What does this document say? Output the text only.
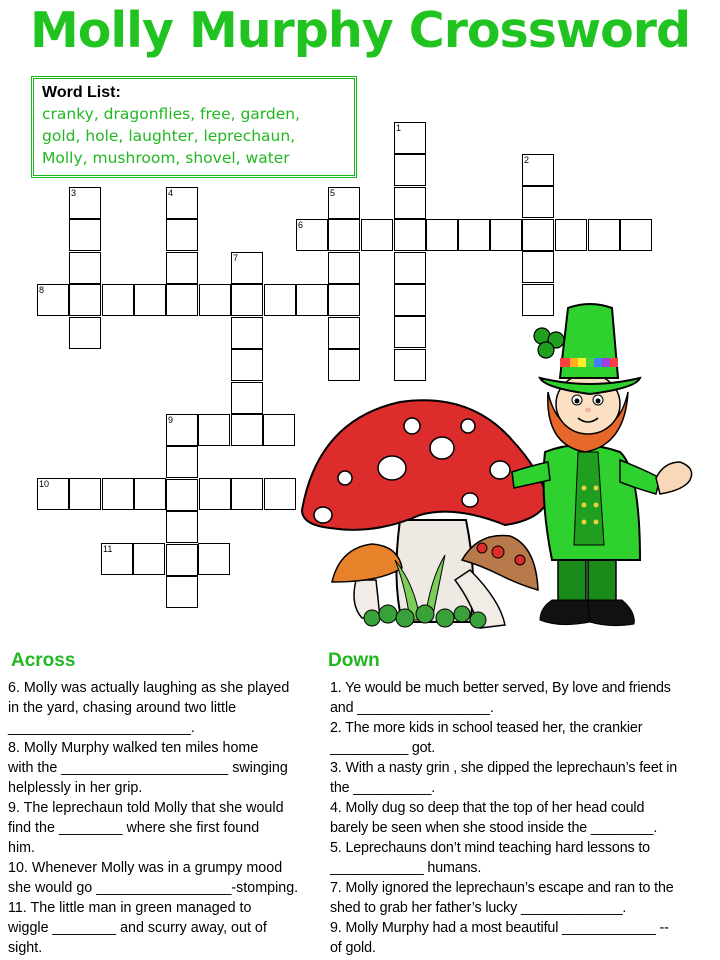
Molly Murphy Crossword
Word List:
cranky, dragonflies, free, garden,
gold, hole, laughter, leprechaun,
Molly, mushroom, shovel, water
1
2
3	4	5
6
7
8
9
10
11
Across

6. Molly was actually laughing as she played

in the yard, chasing around two little

_______________________.

8. Molly Murphy walked ten miles home

with the _____________________ swinging

helplessly in her grip.

9. The leprechaun told Molly that she would

find the ________ where she first found

him.

10. Whenever Molly was in a grumpy mood

she would go _________________-stomping.

11. The little man in green managed to

wiggle ________ and scurry away, out of

sight.

Down

1. Ye would be much better served, By love and friends

and _________________.

2. The more kids in school teased her, the crankier

__________ got.

3. With a nasty grin , she dipped the leprechaun’s feet in

the __________.

4. Molly dug so deep that the top of her head could

barely be seen when she stood inside the ________.

5. Leprechauns don’t mind teaching hard lessons to

____________ humans.

7. Molly ignored the leprechaun’s escape and ran to the

shed to grab her father’s lucky _____________.

9. Molly Murphy had a most beautiful ____________ --

of gold.
